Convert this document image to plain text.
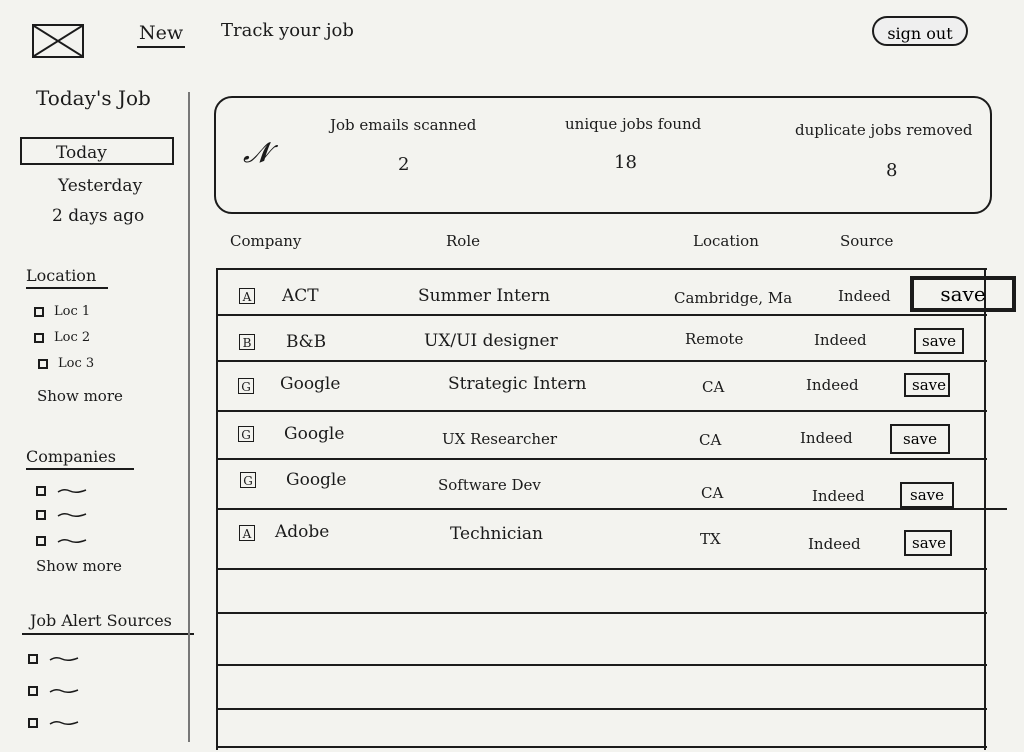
New Track your job	sign out
Today's Job
Today
Yesterday
2 days ago
Location
Loc 1
Loc 2
Loc 3
Show more
Companies
Show more
Job Alert Sources
𝓝
Job emails scanned	unique jobs found	duplicate jobs removed
2	18	8
Company	Role	Location	Source
A ACT	Summer Intern	Cambridge, Ma	Indeed	save
B B&B	UX/UI designer	Remote	Indeed	save
G Google	Strategic Intern	CA	Indeed	save
G Google	UX Researcher	CA	Indeed	save
G Google	Software Dev	CA	Indeed	save
A Adobe	Technician	TX	Indeed	save
